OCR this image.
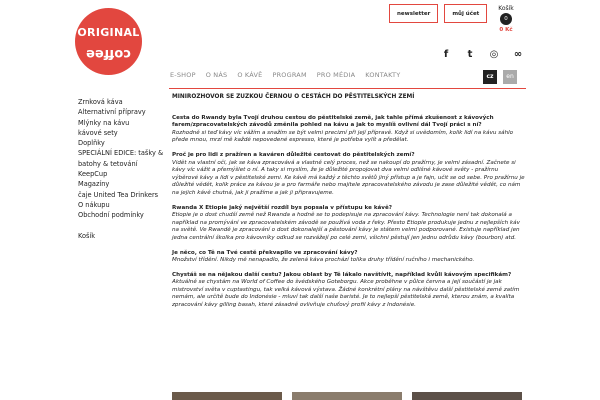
ORIGINAL
coffee
newsletter	můj účet
Košík
0
0 Kč
f t ◎ ∞
E-SHOP O NÁS O KÁVĚ PROGRAM PRO MÉDIA KONTAKTY	cz	en
Zrnková káva
Alternativní přípravy
Mlýnky na kávu
kávové sety
Doplňky
SPECIÁLNÍ EDICE: tašky & batohy & tetování
KeepCup
Magazíny
čaje United Tea Drinkers
O nákupu
Obchodní podmínky
Košík
MINIROZHOVOR SE ZUZKOU ČERNOU O CESTÁCH DO PĚSTITELSKÝCH ZEMÍ

Cesta do Rwandy byla Tvojí druhou cestou do pěstitelské země, jak tahle přímá zkušenost z kávových farem/zpracovatelských závodů změnila pohled na kávu a jak to myslíš ovlivní dál Tvojí práci s ní?

Rozhodně si teď kávy víc vážím a snažím se být velmi precizní při její přípravě. Když si uvědomím, kolik lidí na kávu sáhlo přede mnou, mrzí mě každé nepovedené espresso, které je potřeba vylít a předělat.

Proč je pro lidi z pražíren a kaváren důležité cestovat do pěstitelských zemí?

Vidět na vlastní oči, jak se káva zpracovává a vlastně celý proces, než se nakoupí do pražírny, je velmi zásadní. Začnete si kávy víc vážit a přemýšlet o ní. A taky si myslím, že je důležité propojovat dva velmi odlišné kávové světy - pražírnu výběrové kávy a lidi v pěstitelské zemi. Ke kávě má každý z těchto světů jiný přístup a je fajn, učit se od sebe. Pro pražírnu je důležité vědět, kolik práce za kávou je a pro farmáře nebo majitele zpracovatelského závodu je zase důležité vědět, co nám na jejich kávě chutná, jak ji pražíme a jak ji připravujeme.

Rwanda X Etiopie jaký největší rozdíl bys popsala v přístupu ke kávě?

Etiopie je o dost chudší země než Rwanda a hodně se to podepisuje na zpracování kávy. Technologie není tak dokonalá a například na promývání ve zpracovatelském závodě se používá voda z řeky. Přesto Etiopie produkuje jednu z nejlepších káv na světě. Ve Rwandě je zpracování o dost dokonalejší a pěstování kávy je státem velmi podporované. Existuje například jen jedna centrální školka pro kávovníky odkud se rozvážejí po celé zemi, všichni pěstují jen jednu odrůdu kávy (bourbon) atd.

Je něco, co Tě na Tvé cestě překvapilo ve zpracování kávy?

Množství třídění. Nikdy mě nenapadlo, že zelená káva prochází tolika druhy třídění ručního i mechanického.

Chystáš se na nějakou další cestu? Jakou oblast by Tě lákalo navštívit, například kvůli kávovým specifikám?

Aktuálně se chystám na World of Coffee do švédského Goteborgu. Akce proběhne v půlce června a její součástí je jak mistrovství světa v cuptastingu, tak velká kávová výstava. Žádné konkrétní plány na návštěvu další pěstitelské země zatím nemám, ale určitě bude do Indonésie - mluví tak další naše baristé. Je to nejlepší pěstitelská země, kterou znám, a kvalita zpracování kávy gilling basah, které zásadně ovlivňuje chuťový profil kávy z Indonésie.
